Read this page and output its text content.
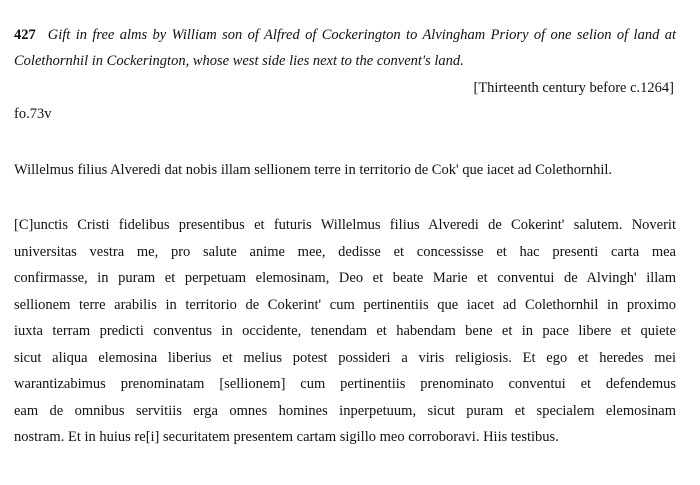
427 Gift in free alms by William son of Alfred of Cockerington to Alvingham Priory of one selion of land at Colethornhil in Cockerington, whose west side lies next to the convent's land.
[Thirteenth century before c.1264]
fo.73v
Willelmus filius Alveredi dat nobis illam sellionem terre in territorio de Cok' que iacet ad Colethornhil.
[C]unctis Cristi fidelibus presentibus et futuris Willelmus filius Alveredi de Cokerint' salutem. Noverit
universitas vestra me, pro salute anime mee, dedisse et concessisse et hac presenti carta mea
confirmasse, in puram et perpetuam elemosinam, Deo et beate Marie et conventui de Alvingh' illam
sellionem terre arabilis in territorio de Cokerint' cum pertinentiis que iacet ad Colethornhil in proximo
iuxta terram predicti conventus in occidente, tenendam et habendam bene et in pace libere et quiete
sicut aliqua elemosina liberius et melius potest possideri a viris religiosis. Et ego et heredes mei
warantizabimus prenominatam [sellionem] cum pertinentiis prenominato conventui et defendemus
eam de omnibus servitiis erga omnes homines inperpetuum, sicut puram et specialem elemosinam
nostram. Et in huius re[i] securitatem presentem cartam sigillo meo corroboravi. Hiis testibus.
